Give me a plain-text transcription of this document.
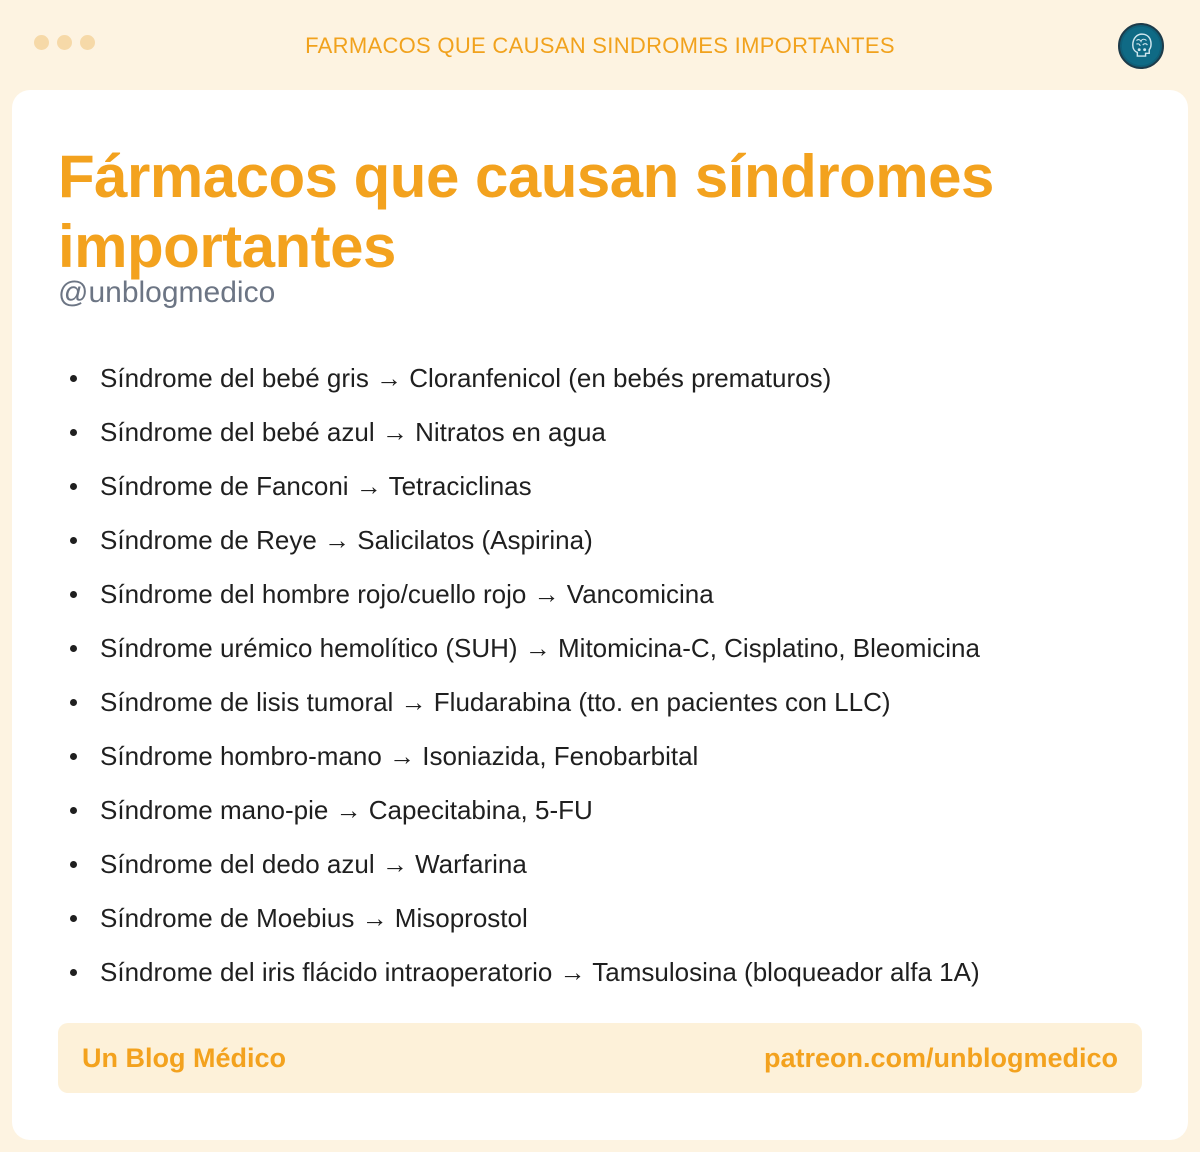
FARMACOS QUE CAUSAN SINDROMES IMPORTANTES
Fármacos que causan síndromes importantes
@unblogmedico
Síndrome del bebé gris → Cloranfenicol (en bebés prematuros)
Síndrome del bebé azul → Nitratos en agua
Síndrome de Fanconi → Tetraciclinas
Síndrome de Reye → Salicilatos (Aspirina)
Síndrome del hombre rojo/cuello rojo → Vancomicina
Síndrome urémico hemolítico (SUH) → Mitomicina-C, Cisplatino, Bleomicina
Síndrome de lisis tumoral → Fludarabina (tto. en pacientes con LLC)
Síndrome hombro-mano → Isoniazida, Fenobarbital
Síndrome mano-pie → Capecitabina, 5-FU
Síndrome del dedo azul → Warfarina
Síndrome de Moebius → Misoprostol
Síndrome del iris flácido intraoperatorio → Tamsulosina (bloqueador alfa 1A)
Un Blog Médico	patreon.com/unblogmedico
